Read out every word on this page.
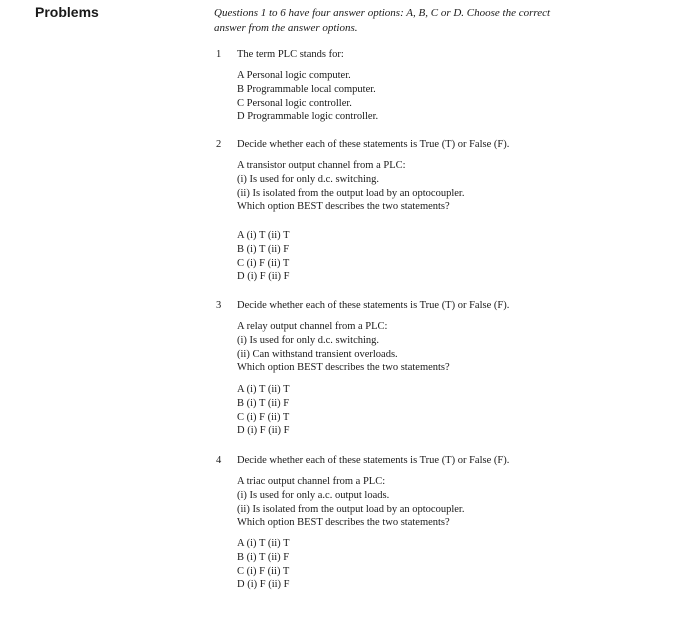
Problems	Questions 1 to 6 have four answer options: A, B, C or D. Choose the correct answer from the answer options.
1 The term PLC stands for:
A Personal logic computer.
B Programmable local computer.
C Personal logic controller.
D Programmable logic controller.
2 Decide whether each of these statements is True (T) or False (F).
A transistor output channel from a PLC:
(i) Is used for only d.c. switching.
(ii) Is isolated from the output load by an optocoupler.
Which option BEST describes the two statements?
A (i) T (ii) T
B (i) T (ii) F
C (i) F (ii) T
D (i) F (ii) F
3 Decide whether each of these statements is True (T) or False (F).
A relay output channel from a PLC:
(i) Is used for only d.c. switching.
(ii) Can withstand transient overloads.
Which option BEST describes the two statements?
A (i) T (ii) T
B (i) T (ii) F
C (i) F (ii) T
D (i) F (ii) F
4 Decide whether each of these statements is True (T) or False (F).
A triac output channel from a PLC:
(i) Is used for only a.c. output loads.
(ii) Is isolated from the output load by an optocoupler.
Which option BEST describes the two statements?
A (i) T (ii) T
B (i) T (ii) F
C (i) F (ii) T
D (i) F (ii) F
